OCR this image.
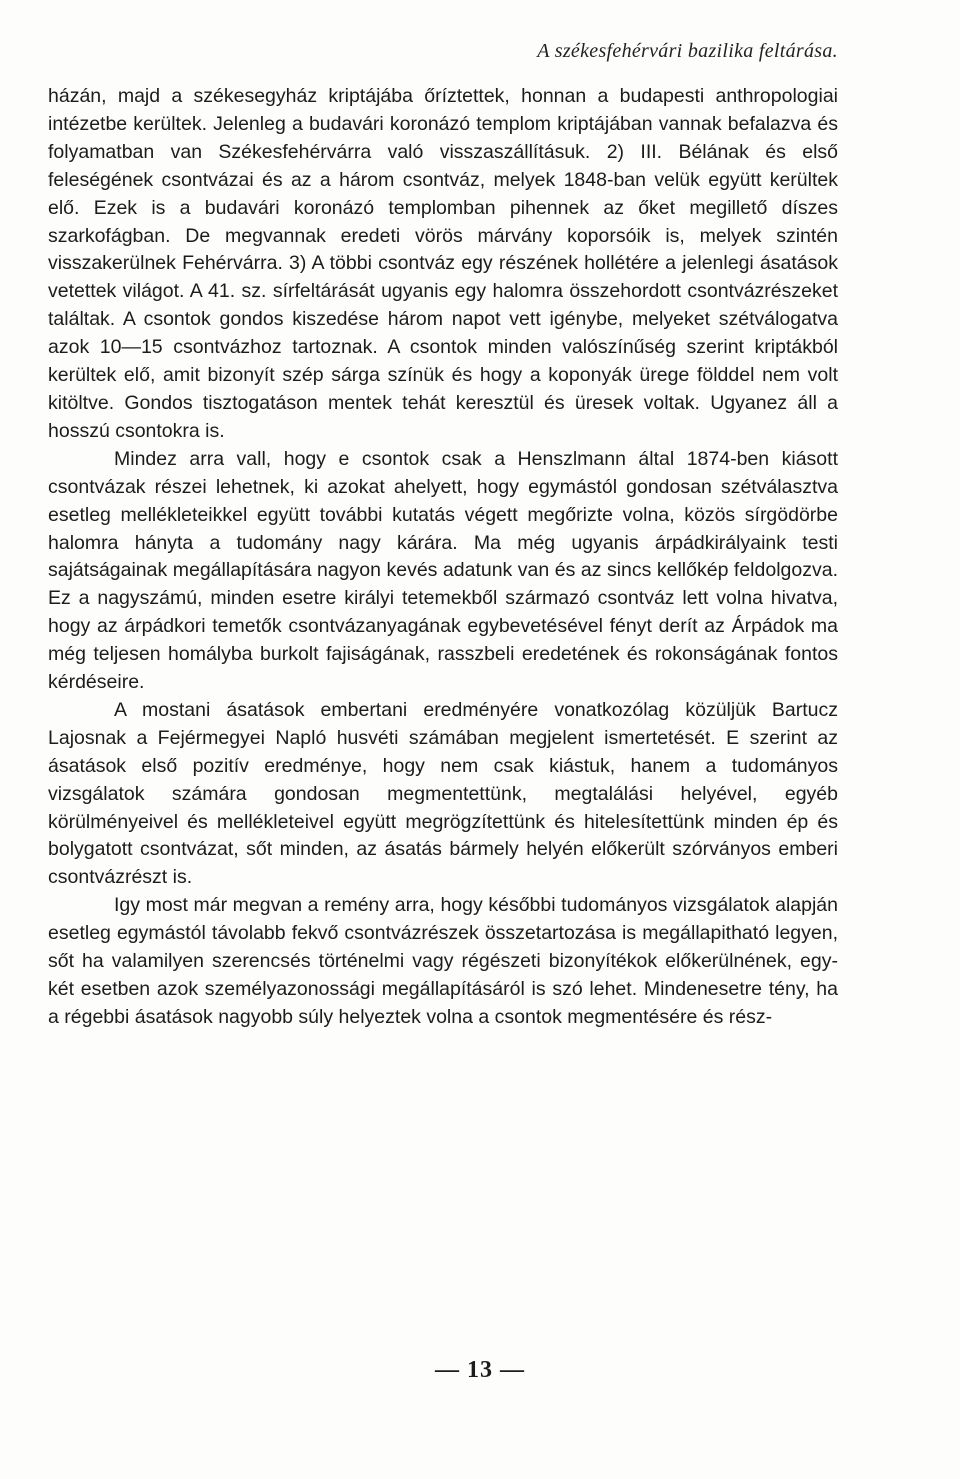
A székesfehérvári bazilika feltárása.

házán, majd a székesegyház kriptájába őríztettek, honnan a budapesti anthropologiai intézetbe kerültek. Jelenleg a budavári koronázó templom kriptájában vannak befalazva és folyamatban van Székesfehérvárra való visszaszállításuk. 2) III. Bélának és első feleségének csontvázai és az a három csontváz, melyek 1848-ban velük együtt kerültek elő. Ezek is a budavári koronázó templomban pihennek az őket megillető díszes szarkofágban. De megvannak eredeti vörös márvány koporsóik is, melyek szintén visszakerülnek Fehérvárra. 3) A többi csontváz egy részének hollétére a jelenlegi ásatások vetettek világot. A 41. sz. sírfeltárását ugyanis egy halomra összehordott csontvázrészeket találtak. A csontok gondos kiszedése három napot vett igénybe, melyeket szétválogatva azok 10—15 csontvázhoz tartoznak. A csontok minden valószínűség szerint kriptákból kerültek elő, amit bizonyít szép sárga színük és hogy a koponyák ürege földdel nem volt kitöltve. Gondos tisztogatáson mentek tehát keresztül és üresek voltak. Ugyanez áll a hosszú csontokra is.

Mindez arra vall, hogy e csontok csak a Henszlmann által 1874-ben kiásott csontvázak részei lehetnek, ki azokat ahelyett, hogy egymástól gondosan szétválasztva esetleg mellékleteikkel együtt további kutatás végett megőrizte volna, közös sírgödörbe halomra hányta a tudomány nagy kárára. Ma még ugyanis árpádkirályaink testi sajátságainak megállapítására nagyon kevés adatunk van és az sincs kellőkép feldolgozva. Ez a nagyszámú, minden esetre királyi tetemekből származó csontváz lett volna hivatva, hogy az árpádkori temetők csontvázanyagának egybevetésével fényt derít az Árpádok ma még teljesen homályba burkolt fajiságának, rasszbeli eredetének és rokonságának fontos kérdéseire.

A mostani ásatások embertani eredményére vonatkozólag közüljük Bartucz Lajosnak a Fejérmegyei Napló husvéti számában megjelent ismertetését. E szerint az ásatások első pozitív eredménye, hogy nem csak kiástuk, hanem a tudományos vizsgálatok számára gondosan megmentettünk, megtalálási helyével, egyéb körülményeivel és mellékleteivel együtt megrögzítettünk és hitelesítettünk minden ép és bolygatott csontvázat, sőt minden, az ásatás bármely helyén előkerült szórványos emberi csontvázrészt is.

Igy most már megvan a remény arra, hogy későbbi tudományos vizsgálatok alapján esetleg egymástól távolabb fekvő csontvázrészek összetartozása is megállapitható legyen, sőt ha valamilyen szerencsés történelmi vagy régészeti bizonyítékok előkerülnének, egy-két esetben azok személyazonossági megállapításáról is szó lehet. Mindenesetre tény, ha a régebbi ásatások nagyobb súly helyeztek volna a csontok megmentésére és rész-

— 13 —
